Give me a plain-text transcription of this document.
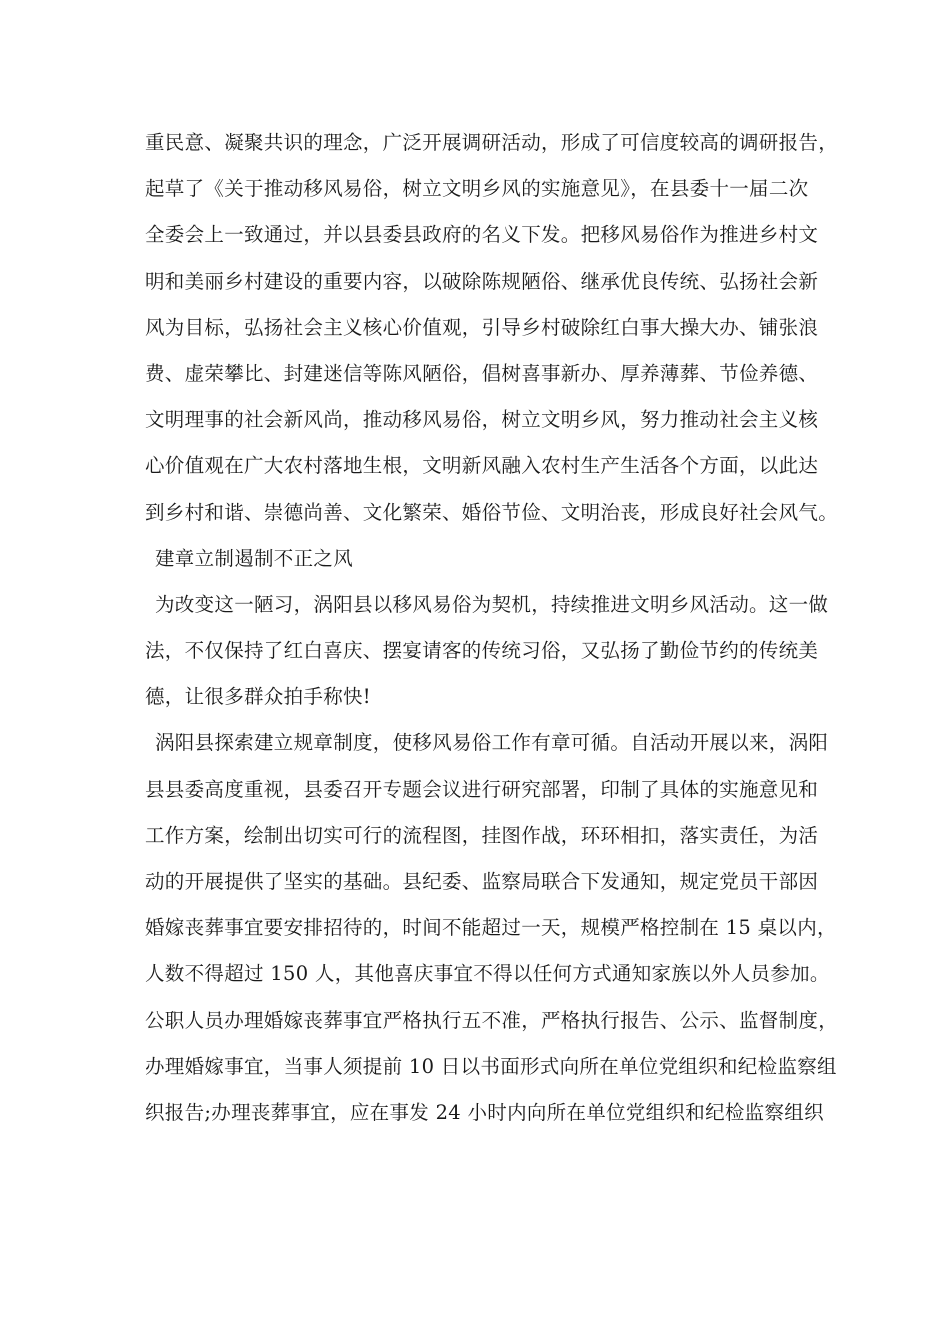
重民意、凝聚共识的理念，广泛开展调研活动，形成了可信度较高的调研报告，
起草了《关于推动移风易俗，树立文明乡风的实施意见》，在县委十一届二次
全委会上一致通过，并以县委县政府的名义下发。把移风易俗作为推进乡村文
明和美丽乡村建设的重要内容，以破除陈规陋俗、继承优良传统、弘扬社会新
风为目标，弘扬社会主义核心价值观，引导乡村破除红白事大操大办、铺张浪
费、虚荣攀比、封建迷信等陈风陋俗，倡树喜事新办、厚养薄葬、节俭养德、
文明理事的社会新风尚，推动移风易俗，树立文明乡风，努力推动社会主义核
心价值观在广大农村落地生根，文明新风融入农村生产生活各个方面，以此达
到乡村和谐、崇德尚善、文化繁荣、婚俗节俭、文明治丧，形成良好社会风气。
建章立制遏制不正之风
为改变这一陋习，涡阳县以移风易俗为契机，持续推进文明乡风活动。这一做
法，不仅保持了红白喜庆、摆宴请客的传统习俗，又弘扬了勤俭节约的传统美
德，让很多群众拍手称快!
涡阳县探索建立规章制度，使移风易俗工作有章可循。自活动开展以来，涡阳
县县委高度重视，县委召开专题会议进行研究部署，印制了具体的实施意见和
工作方案，绘制出切实可行的流程图，挂图作战，环环相扣，落实责任，为活
动的开展提供了坚实的基础。县纪委、监察局联合下发通知，规定党员干部因
婚嫁丧葬事宜要安排招待的，时间不能超过一天，规模严格控制在 15 桌以内，
人数不得超过 150 人，其他喜庆事宜不得以任何方式通知家族以外人员参加。
公职人员办理婚嫁丧葬事宜严格执行五不准，严格执行报告、公示、监督制度，
办理婚嫁事宜，当事人须提前 10 日以书面形式向所在单位党组织和纪检监察组
织报告;办理丧葬事宜，应在事发 24 小时内向所在单位党组织和纪检监察组织
